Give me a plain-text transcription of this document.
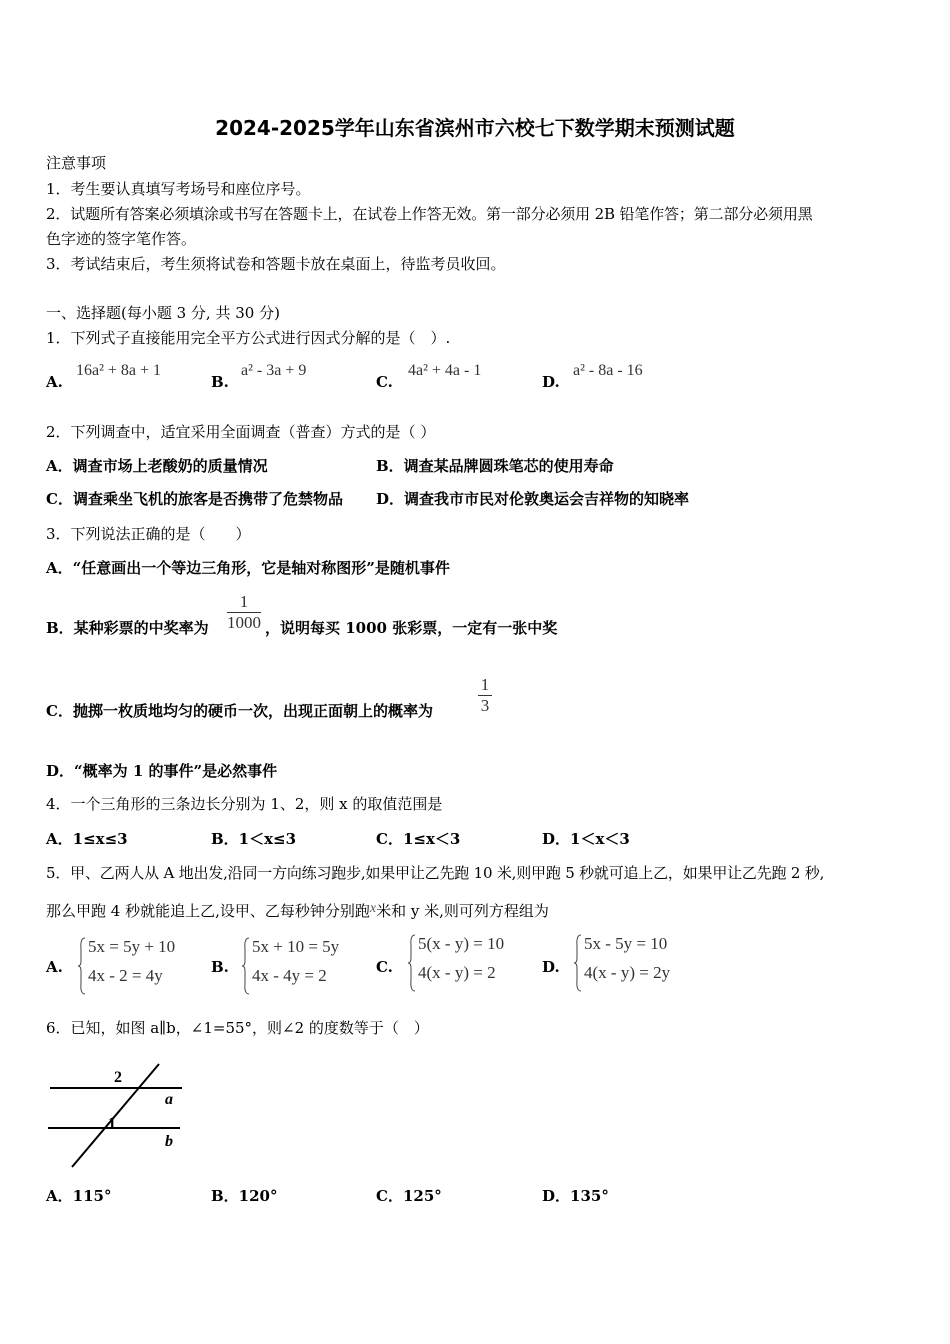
2024-2025学年山东省滨州市六校七下数学期末预测试题
注意事项
1．考生要认真填写考场号和座位序号。
2．试题所有答案必须填涂或书写在答题卡上，在试卷上作答无效。第一部分必须用 2B 铅笔作答；第二部分必须用黑
色字迹的签字笔作答。
3．考试结束后，考生须将试卷和答题卡放在桌面上，待监考员收回。
一、选择题(每小题 3 分, 共 30 分)
1．下列式子直接能用完全平方公式进行因式分解的是（　）.
A.
16a² + 8a + 1
B.
a² - 3a + 9
C.
4a² + 4a - 1
D.
a² - 8a - 16
2．下列调查中，适宜采用全面调查（普查）方式的是（ ）
A．调查市场上老酸奶的质量情况	B．调查某品牌圆珠笔芯的使用寿命
C．调查乘坐飞机的旅客是否携带了危禁物品 D．调查我市市民对伦敦奥运会吉祥物的知晓率
3．下列说法正确的是（　　）
A．“任意画出一个等边三角形，它是轴对称图形”是随机事件
B．某种彩票的中奖率为 $\frac{1}{1000}$ ，说明每买 1000 张彩票，一定有一张中奖
C．抛掷一枚质地均匀的硬币一次，出现正面朝上的概率为	$\frac{1}{3}$
D．“概率为 1 的事件”是必然事件
4．一个三角形的三条边长分别为 1、2，则 x 的取值范围是
A．1≤x≤3	B．1＜x≤3	C．1≤x＜3	D．1＜x＜3
5．甲、乙两人从 A 地出发,沿同一方向练习跑步,如果甲让乙先跑 10 米,则甲跑 5 秒就可追上乙，如果甲让乙先跑 2 秒,
那么甲跑 4 秒就能追上乙,设甲、乙每秒钟分别跑x米和 y 米,则可列方程组为
A.
5x = 5y + 10
4x - 2 = 4y	B.
5x + 10 = 5y
4x - 4y = 2	C.
5(x - y) = 10
4(x - y) = 2	D.
5x - 5y = 10
4(x - y) = 2y
6．已知，如图 a∥b，∠1=55°，则∠2 的度数等于（　）
2
1
a
b
A．115°	B．120°	C．125°	D．135°
